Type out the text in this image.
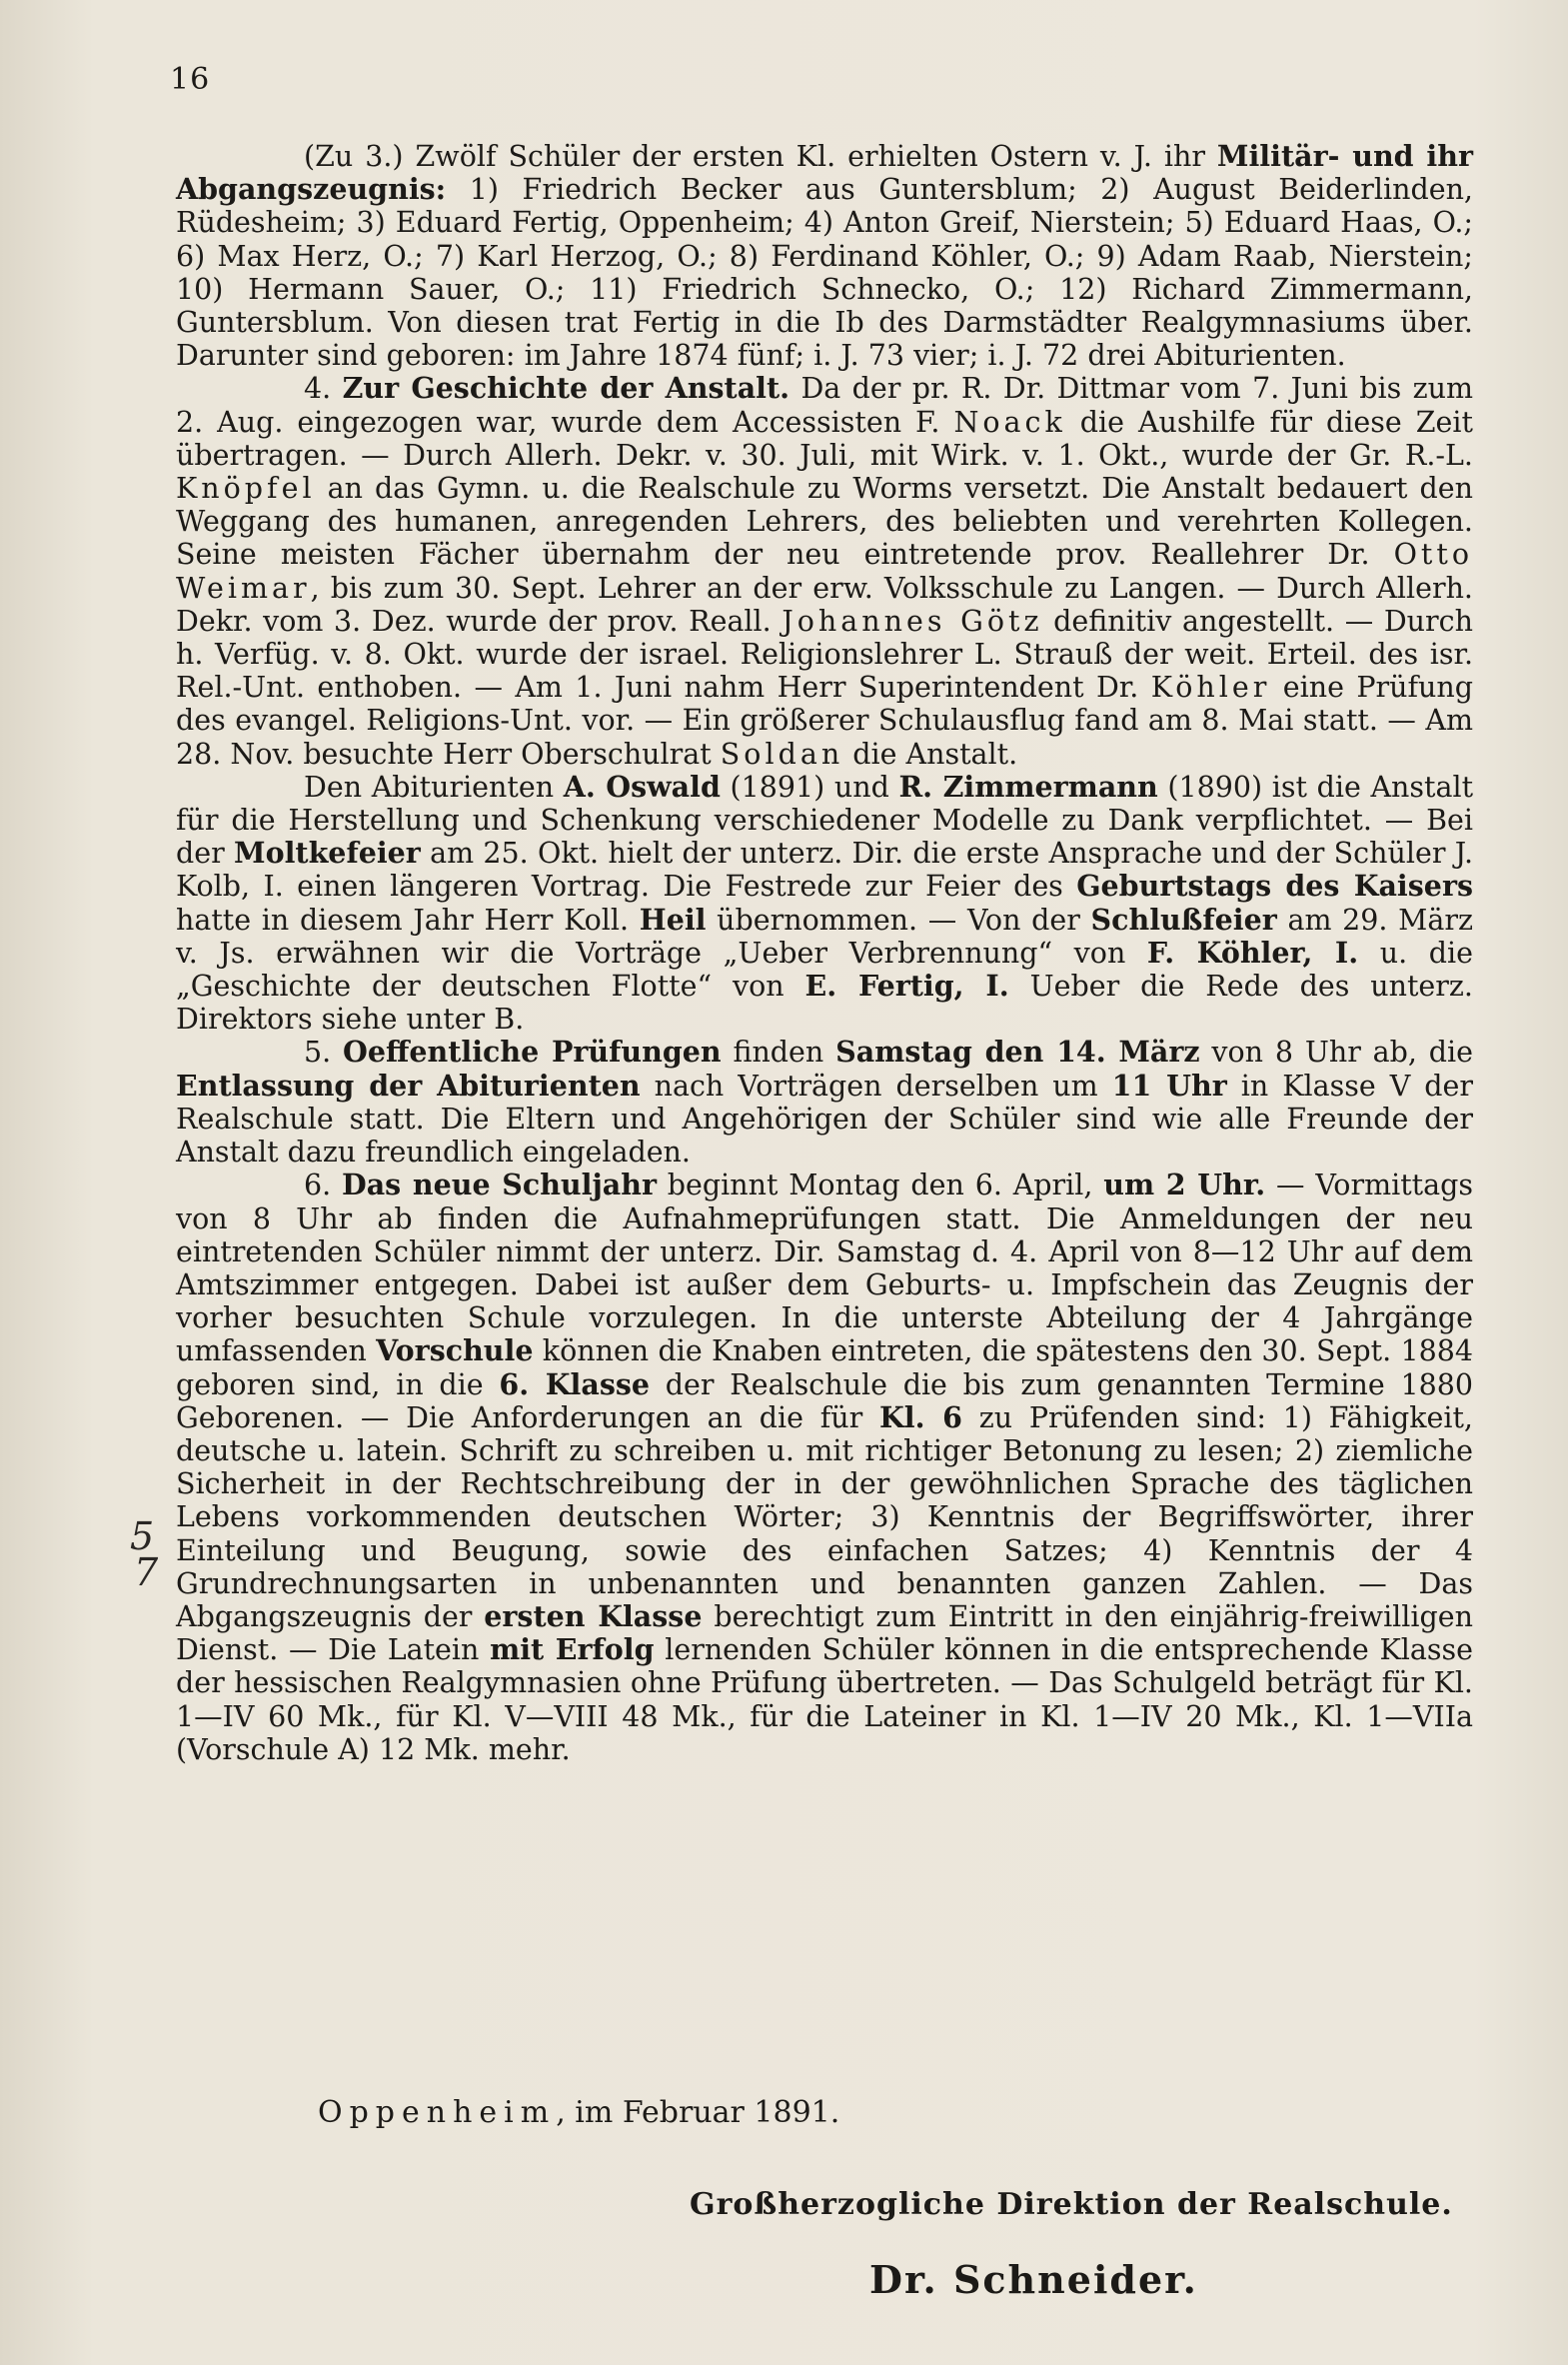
16
5
7

(Zu 3.) Zwölf Schüler der ersten Kl. erhielten Ostern v. J. ihr Militär- und ihr Abgangszeugnis: 1) Friedrich Becker aus Guntersblum; 2) August Beiderlinden, Rüdesheim; 3) Eduard Fertig, Oppenheim; 4) Anton Greif, Nierstein; 5) Eduard Haas, O.; 6) Max Herz, O.; 7) Karl Herzog, O.; 8) Ferdinand Köhler, O.; 9) Adam Raab, Nierstein; 10) Hermann Sauer, O.; 11) Friedrich Schnecko, O.; 12) Richard Zimmermann, Guntersblum. Von diesen trat Fertig in die Ib des Darmstädter Realgymnasiums über. Darunter sind geboren: im Jahre 1874 fünf; i. J. 73 vier; i. J. 72 drei Abiturienten.

4. Zur Geschichte der Anstalt. Da der pr. R. Dr. Dittmar vom 7. Juni bis zum 2. Aug. eingezogen war, wurde dem Accessisten F. Noack die Aushilfe für diese Zeit übertragen. — Durch Allerh. Dekr. v. 30. Juli, mit Wirk. v. 1. Okt., wurde der Gr. R.-L. Knöpfel an das Gymn. u. die Realschule zu Worms versetzt. Die Anstalt bedauert den Weggang des humanen, anregenden Lehrers, des beliebten und verehrten Kollegen. Seine meisten Fächer übernahm der neu eintretende prov. Reallehrer Dr. Otto Weimar, bis zum 30. Sept. Lehrer an der erw. Volksschule zu Langen. — Durch Allerh. Dekr. vom 3. Dez. wurde der prov. Reall. Johannes Götz definitiv angestellt. — Durch h. Verfüg. v. 8. Okt. wurde der israel. Religionslehrer L. Strauß der weit. Erteil. des isr. Rel.-Unt. enthoben. — Am 1. Juni nahm Herr Superintendent Dr. Köhler eine Prüfung des evangel. Religions-Unt. vor. — Ein größerer Schulausflug fand am 8. Mai statt. — Am 28. Nov. besuchte Herr Oberschulrat Soldan die Anstalt.

Den Abiturienten A. Oswald (1891) und R. Zimmermann (1890) ist die Anstalt für die Herstellung und Schenkung verschiedener Modelle zu Dank verpflichtet. — Bei der Moltkefeier am 25. Okt. hielt der unterz. Dir. die erste Ansprache und der Schüler J. Kolb, I. einen längeren Vortrag. Die Festrede zur Feier des Geburtstags des Kaisers hatte in diesem Jahr Herr Koll. Heil übernommen. — Von der Schlußfeier am 29. März v. Js. erwähnen wir die Vorträge „Ueber Verbrennung“ von F. Köhler, I. u. die „Geschichte der deutschen Flotte“ von E. Fertig, I. Ueber die Rede des unterz. Direktors siehe unter B.

5. Oeffentliche Prüfungen finden Samstag den 14. März von 8 Uhr ab, die Entlassung der Abiturienten nach Vorträgen derselben um 11 Uhr in Klasse V der Realschule statt. Die Eltern und Angehörigen der Schüler sind wie alle Freunde der Anstalt dazu freundlich eingeladen.

6. Das neue Schuljahr beginnt Montag den 6. April, um 2 Uhr. — Vormittags von 8 Uhr ab finden die Aufnahmeprüfungen statt. Die Anmeldungen der neu eintretenden Schüler nimmt der unterz. Dir. Samstag d. 4. April von 8—12 Uhr auf dem Amtszimmer entgegen. Dabei ist außer dem Geburts- u. Impfschein das Zeugnis der vorher besuchten Schule vorzulegen. In die unterste Abteilung der 4 Jahrgänge umfassenden Vorschule können die Knaben eintreten, die spätestens den 30. Sept. 1884 geboren sind, in die 6. Klasse der Realschule die bis zum genannten Termine 1880 Geborenen. — Die Anforderungen an die für Kl. 6 zu Prüfenden sind: 1) Fähigkeit, deutsche u. latein. Schrift zu schreiben u. mit richtiger Betonung zu lesen; 2) ziemliche Sicherheit in der Rechtschreibung der in der gewöhnlichen Sprache des täglichen Lebens vorkommenden deutschen Wörter; 3) Kenntnis der Begriffswörter, ihrer Einteilung und Beugung, sowie des einfachen Satzes; 4) Kenntnis der 4 Grundrechnungsarten in unbenannten und benannten ganzen Zahlen. — Das Abgangszeugnis der ersten Klasse berechtigt zum Eintritt in den einjährig-freiwilligen Dienst. — Die Latein mit Erfolg lernenden Schüler können in die entsprechende Klasse der hessischen Realgymnasien ohne Prüfung übertreten. — Das Schulgeld beträgt für Kl. 1—IV 60 Mk., für Kl. V—VIII 48 Mk., für die Lateiner in Kl. 1—IV 20 Mk., Kl. 1—VIIa (Vorschule A) 12 Mk. mehr.

Oppenheim, im Februar 1891.
Großherzogliche Direktion der Realschule.
Dr. Schneider.
